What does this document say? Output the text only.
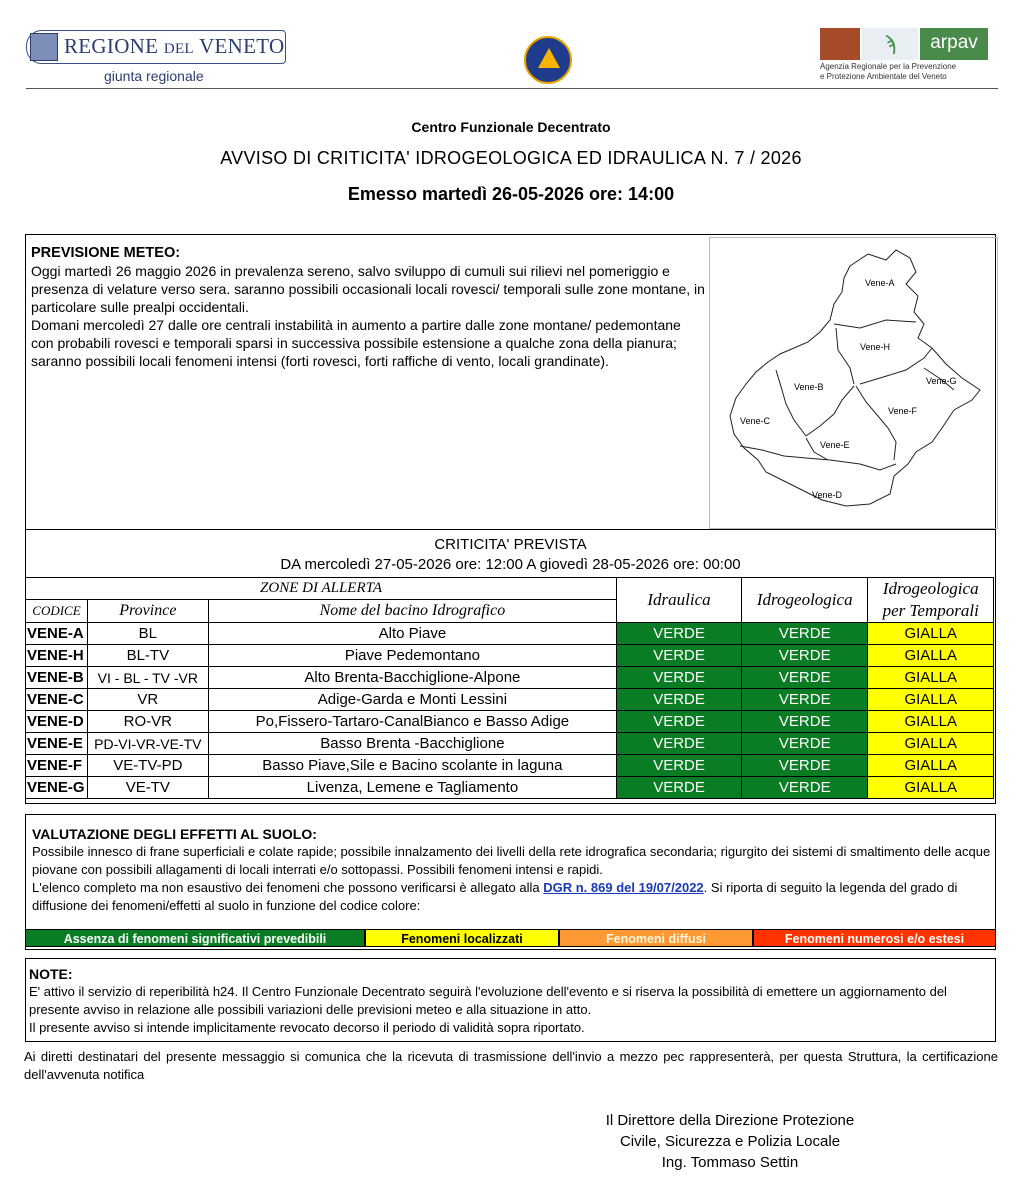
REGIONE DEL VENETO
giunta regionale
ϡ	arpav
Agenzia Regionale per la Prevenzione
e Protezione Ambientale del Veneto
Centro Funzionale Decentrato
AVVISO DI CRITICITA' IDROGEOLOGICA ED IDRAULICA N. 7 / 2026
Emesso martedì 26-05-2026 ore: 14:00
PREVISIONE METEO:
Oggi martedì 26 maggio 2026 in prevalenza sereno, salvo sviluppo di cumuli sui rilievi nel pomeriggio e presenza di velature verso sera. saranno possibili occasionali locali rovesci/ temporali sulle zone montane, in particolare sulle prealpi occidentali.
Domani mercoledì 27 dalle ore centrali instabilità in aumento a partire dalle zone montane/ pedemontane con probabili rovesci e temporali sparsi in successiva possibile estensione a qualche zona della pianura; saranno possibili locali fenomeni intensi (forti rovesci, forti raffiche di vento, locali grandinate).
Vene-A
Vene-H
Vene-G
Vene-B
Vene-F
Vene-C
Vene-E
Vene-D
CRITICITA' PREVISTA
DA mercoledì 27-05-2026 ore: 12:00 A giovedì 28-05-2026 ore: 00:00
ZONE DI ALLERTA			Idraulica	Idrogeologica	Idrogeologica
per Temporali

CODICE	Province	Nome del bacino Idrografico			
VENE-A	BL	Alto Piave	VERDE	VERDE	GIALLA
VENE-H	BL-TV	Piave Pedemontano	VERDE	VERDE	GIALLA
VENE-B	VI - BL - TV -VR	Alto Brenta-Bacchiglione-Alpone	VERDE	VERDE	GIALLA
VENE-C	VR	Adige-Garda e Monti Lessini	VERDE	VERDE	GIALLA
VENE-D	RO-VR	Po,Fissero-Tartaro-CanalBianco e Basso Adige	VERDE	VERDE	GIALLA
VENE-E	PD-VI-VR-VE-TV	Basso Brenta -Bacchiglione	VERDE	VERDE	GIALLA
VENE-F	VE-TV-PD	Basso Piave,Sile e Bacino scolante in laguna	VERDE	VERDE	GIALLA
VENE-G	VE-TV	Livenza, Lemene e Tagliamento	VERDE	VERDE	GIALLA
VALUTAZIONE DEGLI EFFETTI AL SUOLO:
Possibile innesco di frane superficiali e colate rapide; possibile innalzamento dei livelli della rete idrografica secondaria; rigurgito dei sistemi di smaltimento delle acque piovane con possibili allagamenti di locali interrati e/o sottopassi. Possibili fenomeni intensi e rapidi.
L'elenco completo ma non esaustivo dei fenomeni che possono verificarsi è allegato alla DGR n. 869 del 19/07/2022. Si riporta di seguito la legenda del grado di diffusione dei fenomeni/effetti al suolo in funzione del codice colore:
Assenza di fenomeni significativi prevedibili	Fenomeni localizzati	Fenomeni diffusi	Fenomeni numerosi e/o estesi
NOTE:
E' attivo il servizio di reperibilità h24. Il Centro Funzionale Decentrato seguirà l'evoluzione dell'evento e si riserva la possibilità di emettere un aggiornamento del presente avviso in relazione alle possibili variazioni delle previsioni meteo e alla situazione in atto.
Il presente avviso si intende implicitamente revocato decorso il periodo di validità sopra riportato.
Ai diretti destinatari del presente messaggio si comunica che la ricevuta di trasmissione dell'invio a mezzo pec rappresenterà, per questa Struttura, la certificazione dell'avvenuta notifica
Il Direttore della Direzione Protezione
Civile, Sicurezza e Polizia Locale
Ing. Tommaso Settin
